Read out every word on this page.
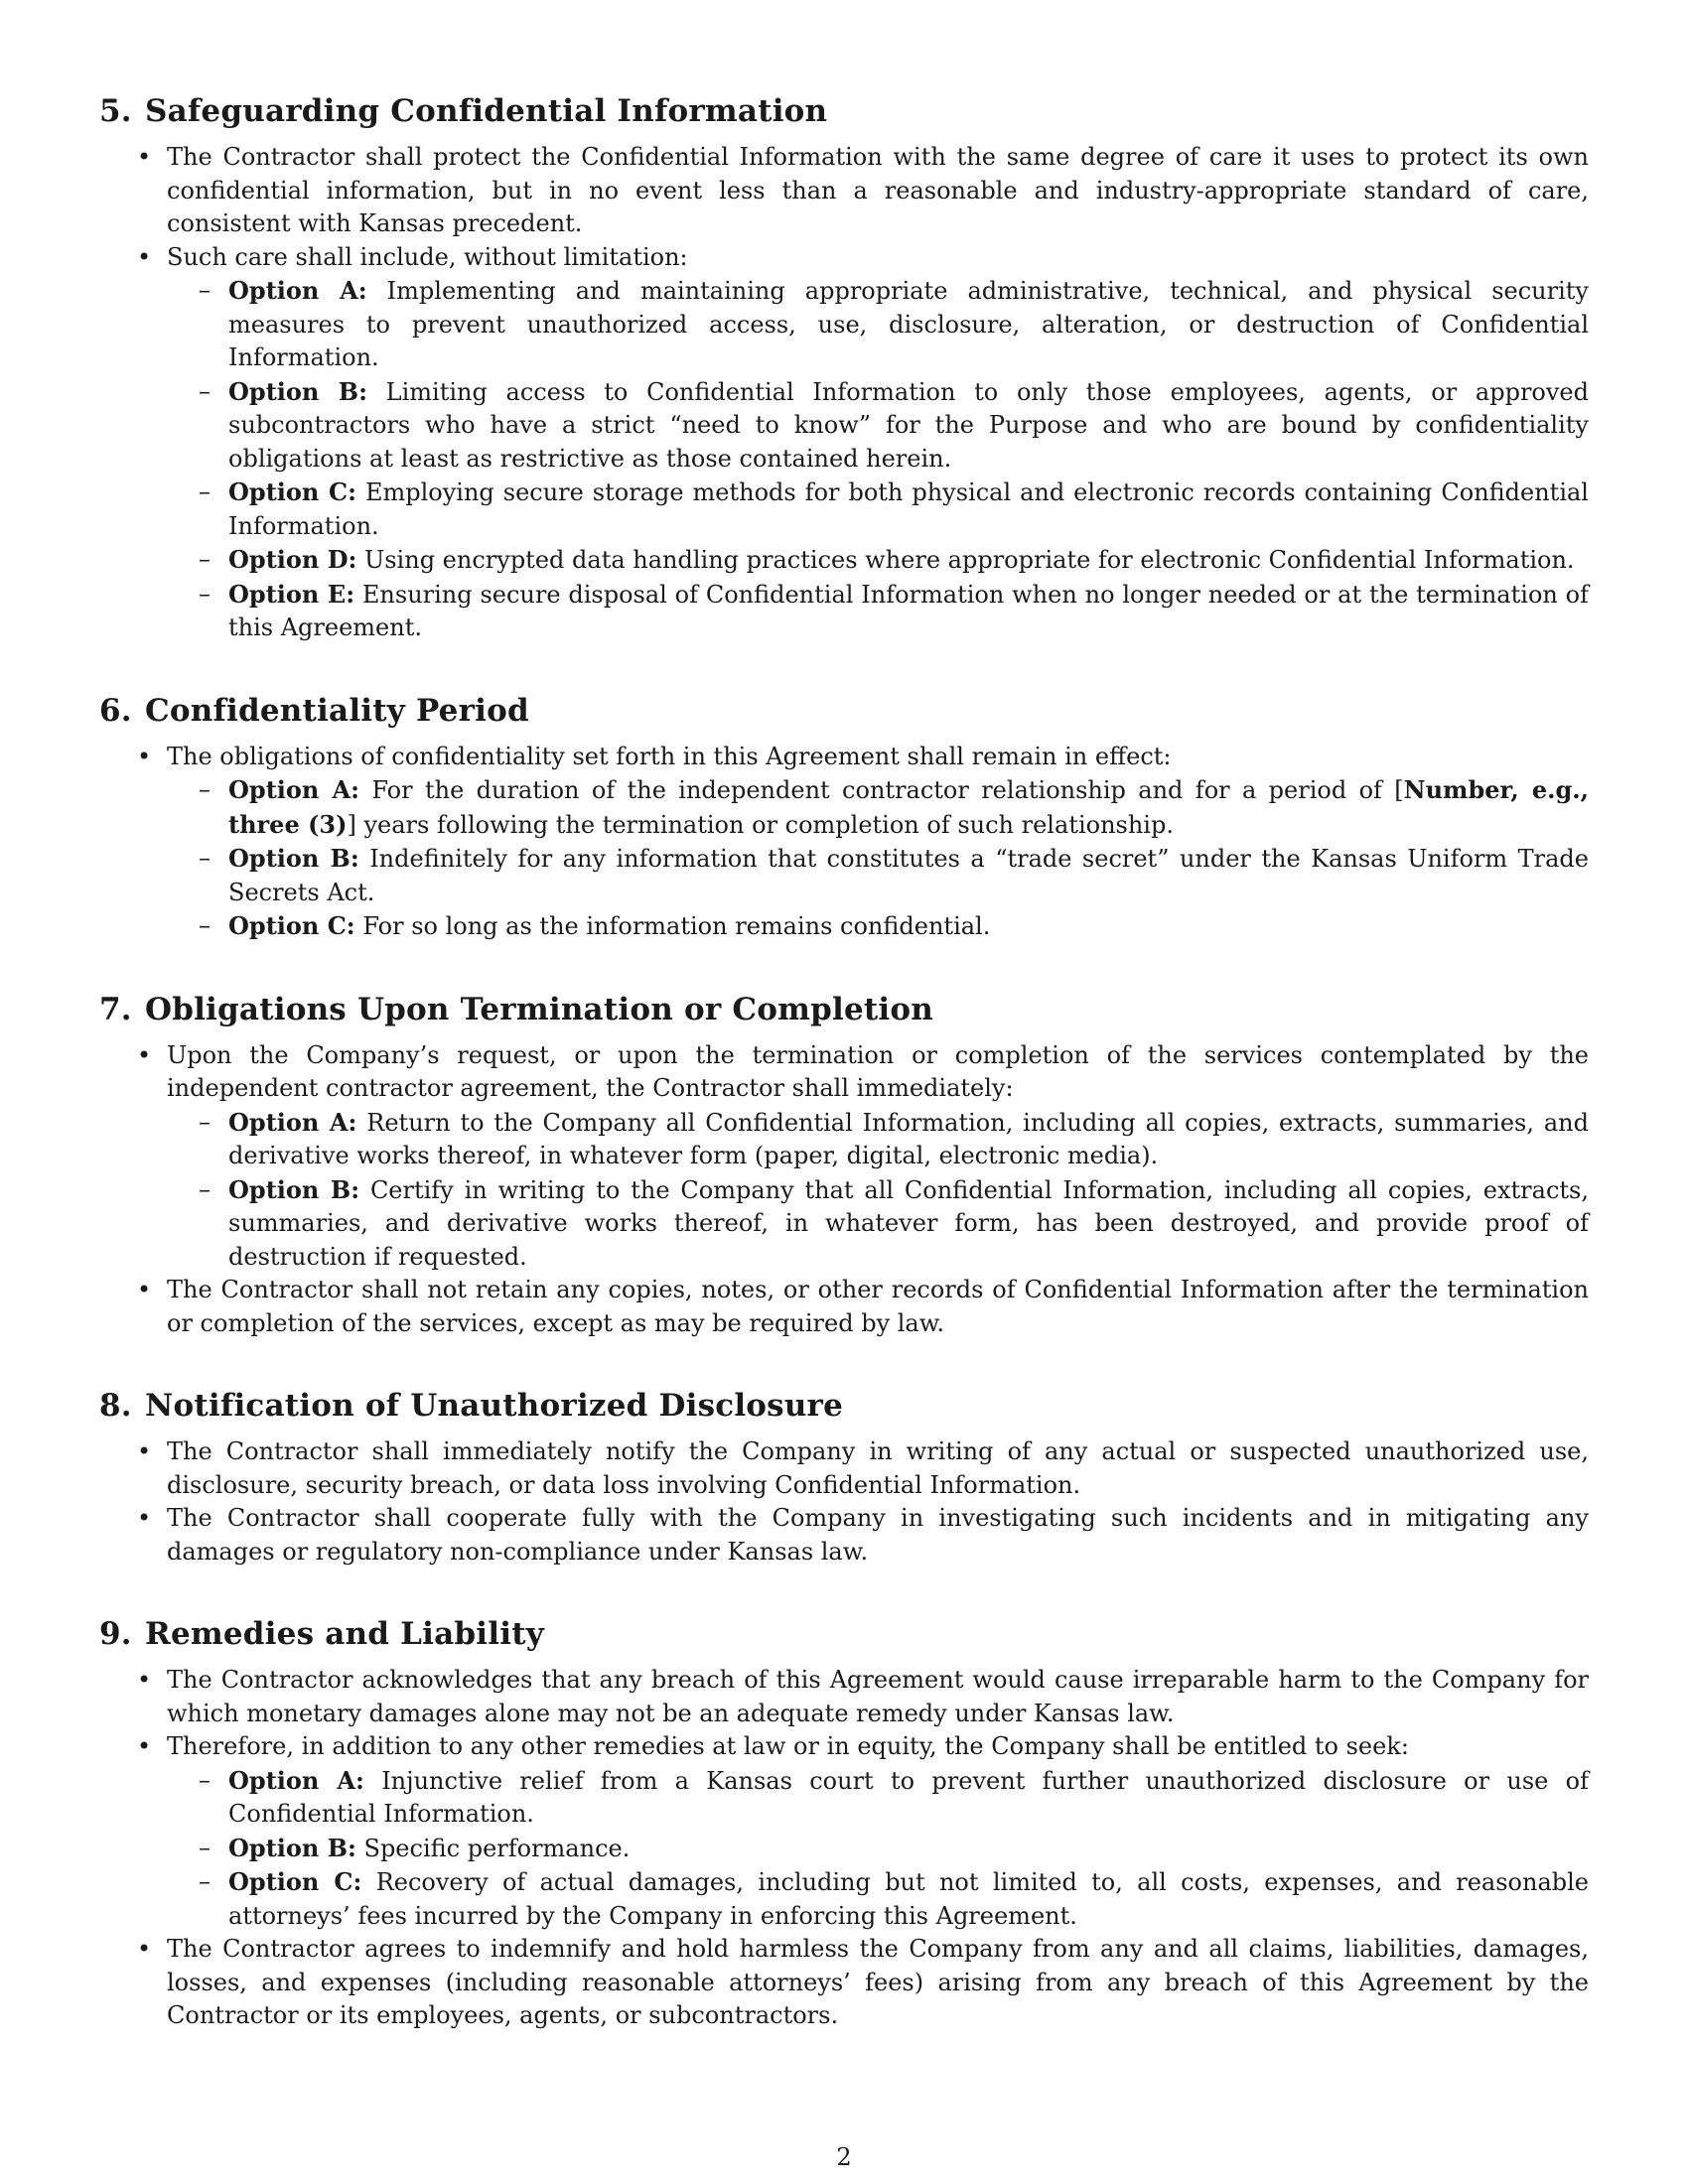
5. Safeguarding Confidential Information
• The Contractor shall protect the Confidential Information with the same degree of care it uses to protect its own confidential information, but in no event less than a reasonable and industry-appropriate standard of care, consistent with Kansas precedent.
• Such care shall include, without limitation:
– Option A: Implementing and maintaining appropriate administrative, technical, and physical security measures to prevent unauthorized access, use, disclosure, alteration, or destruction of Confidential Information.
– Option B: Limiting access to Confidential Information to only those employees, agents, or approved subcontractors who have a strict “need to know” for the Purpose and who are bound by confidentiality obligations at least as restrictive as those contained herein.
– Option C: Employing secure storage methods for both physical and electronic records containing Confidential Information.
– Option D: Using encrypted data handling practices where appropriate for electronic Confidential Information.
– Option E: Ensuring secure disposal of Confidential Information when no longer needed or at the termination of this Agreement.
6. Confidentiality Period
• The obligations of confidentiality set forth in this Agreement shall remain in effect:
– Option A: For the duration of the independent contractor relationship and for a period of [Number, e.g., three (3)] years following the termination or completion of such relationship.
– Option B: Indefinitely for any information that constitutes a “trade secret” under the Kansas Uniform Trade Secrets Act.
– Option C: For so long as the information remains confidential.
7. Obligations Upon Termination or Completion
• Upon the Company’s request, or upon the termination or completion of the services contemplated by the independent contractor agreement, the Contractor shall immediately:
– Option A: Return to the Company all Confidential Information, including all copies, extracts, summaries, and derivative works thereof, in whatever form (paper, digital, electronic media).
– Option B: Certify in writing to the Company that all Confidential Information, including all copies, extracts, summaries, and derivative works thereof, in whatever form, has been destroyed, and provide proof of destruction if requested.
• The Contractor shall not retain any copies, notes, or other records of Confidential Information after the termination or completion of the services, except as may be required by law.
8. Notification of Unauthorized Disclosure
• The Contractor shall immediately notify the Company in writing of any actual or suspected unauthorized use, disclosure, security breach, or data loss involving Confidential Information.
• The Contractor shall cooperate fully with the Company in investigating such incidents and in mitigating any damages or regulatory non-compliance under Kansas law.
9. Remedies and Liability
• The Contractor acknowledges that any breach of this Agreement would cause irreparable harm to the Company for which monetary damages alone may not be an adequate remedy under Kansas law.
• Therefore, in addition to any other remedies at law or in equity, the Company shall be entitled to seek:
– Option A: Injunctive relief from a Kansas court to prevent further unauthorized disclosure or use of Confidential Information.
– Option B: Specific performance.
– Option C: Recovery of actual damages, including but not limited to, all costs, expenses, and reasonable attorneys’ fees incurred by the Company in enforcing this Agreement.
• The Contractor agrees to indemnify and hold harmless the Company from any and all claims, liabilities, damages, losses, and expenses (including reasonable attorneys’ fees) arising from any breach of this Agreement by the Contractor or its employees, agents, or subcontractors.
2
